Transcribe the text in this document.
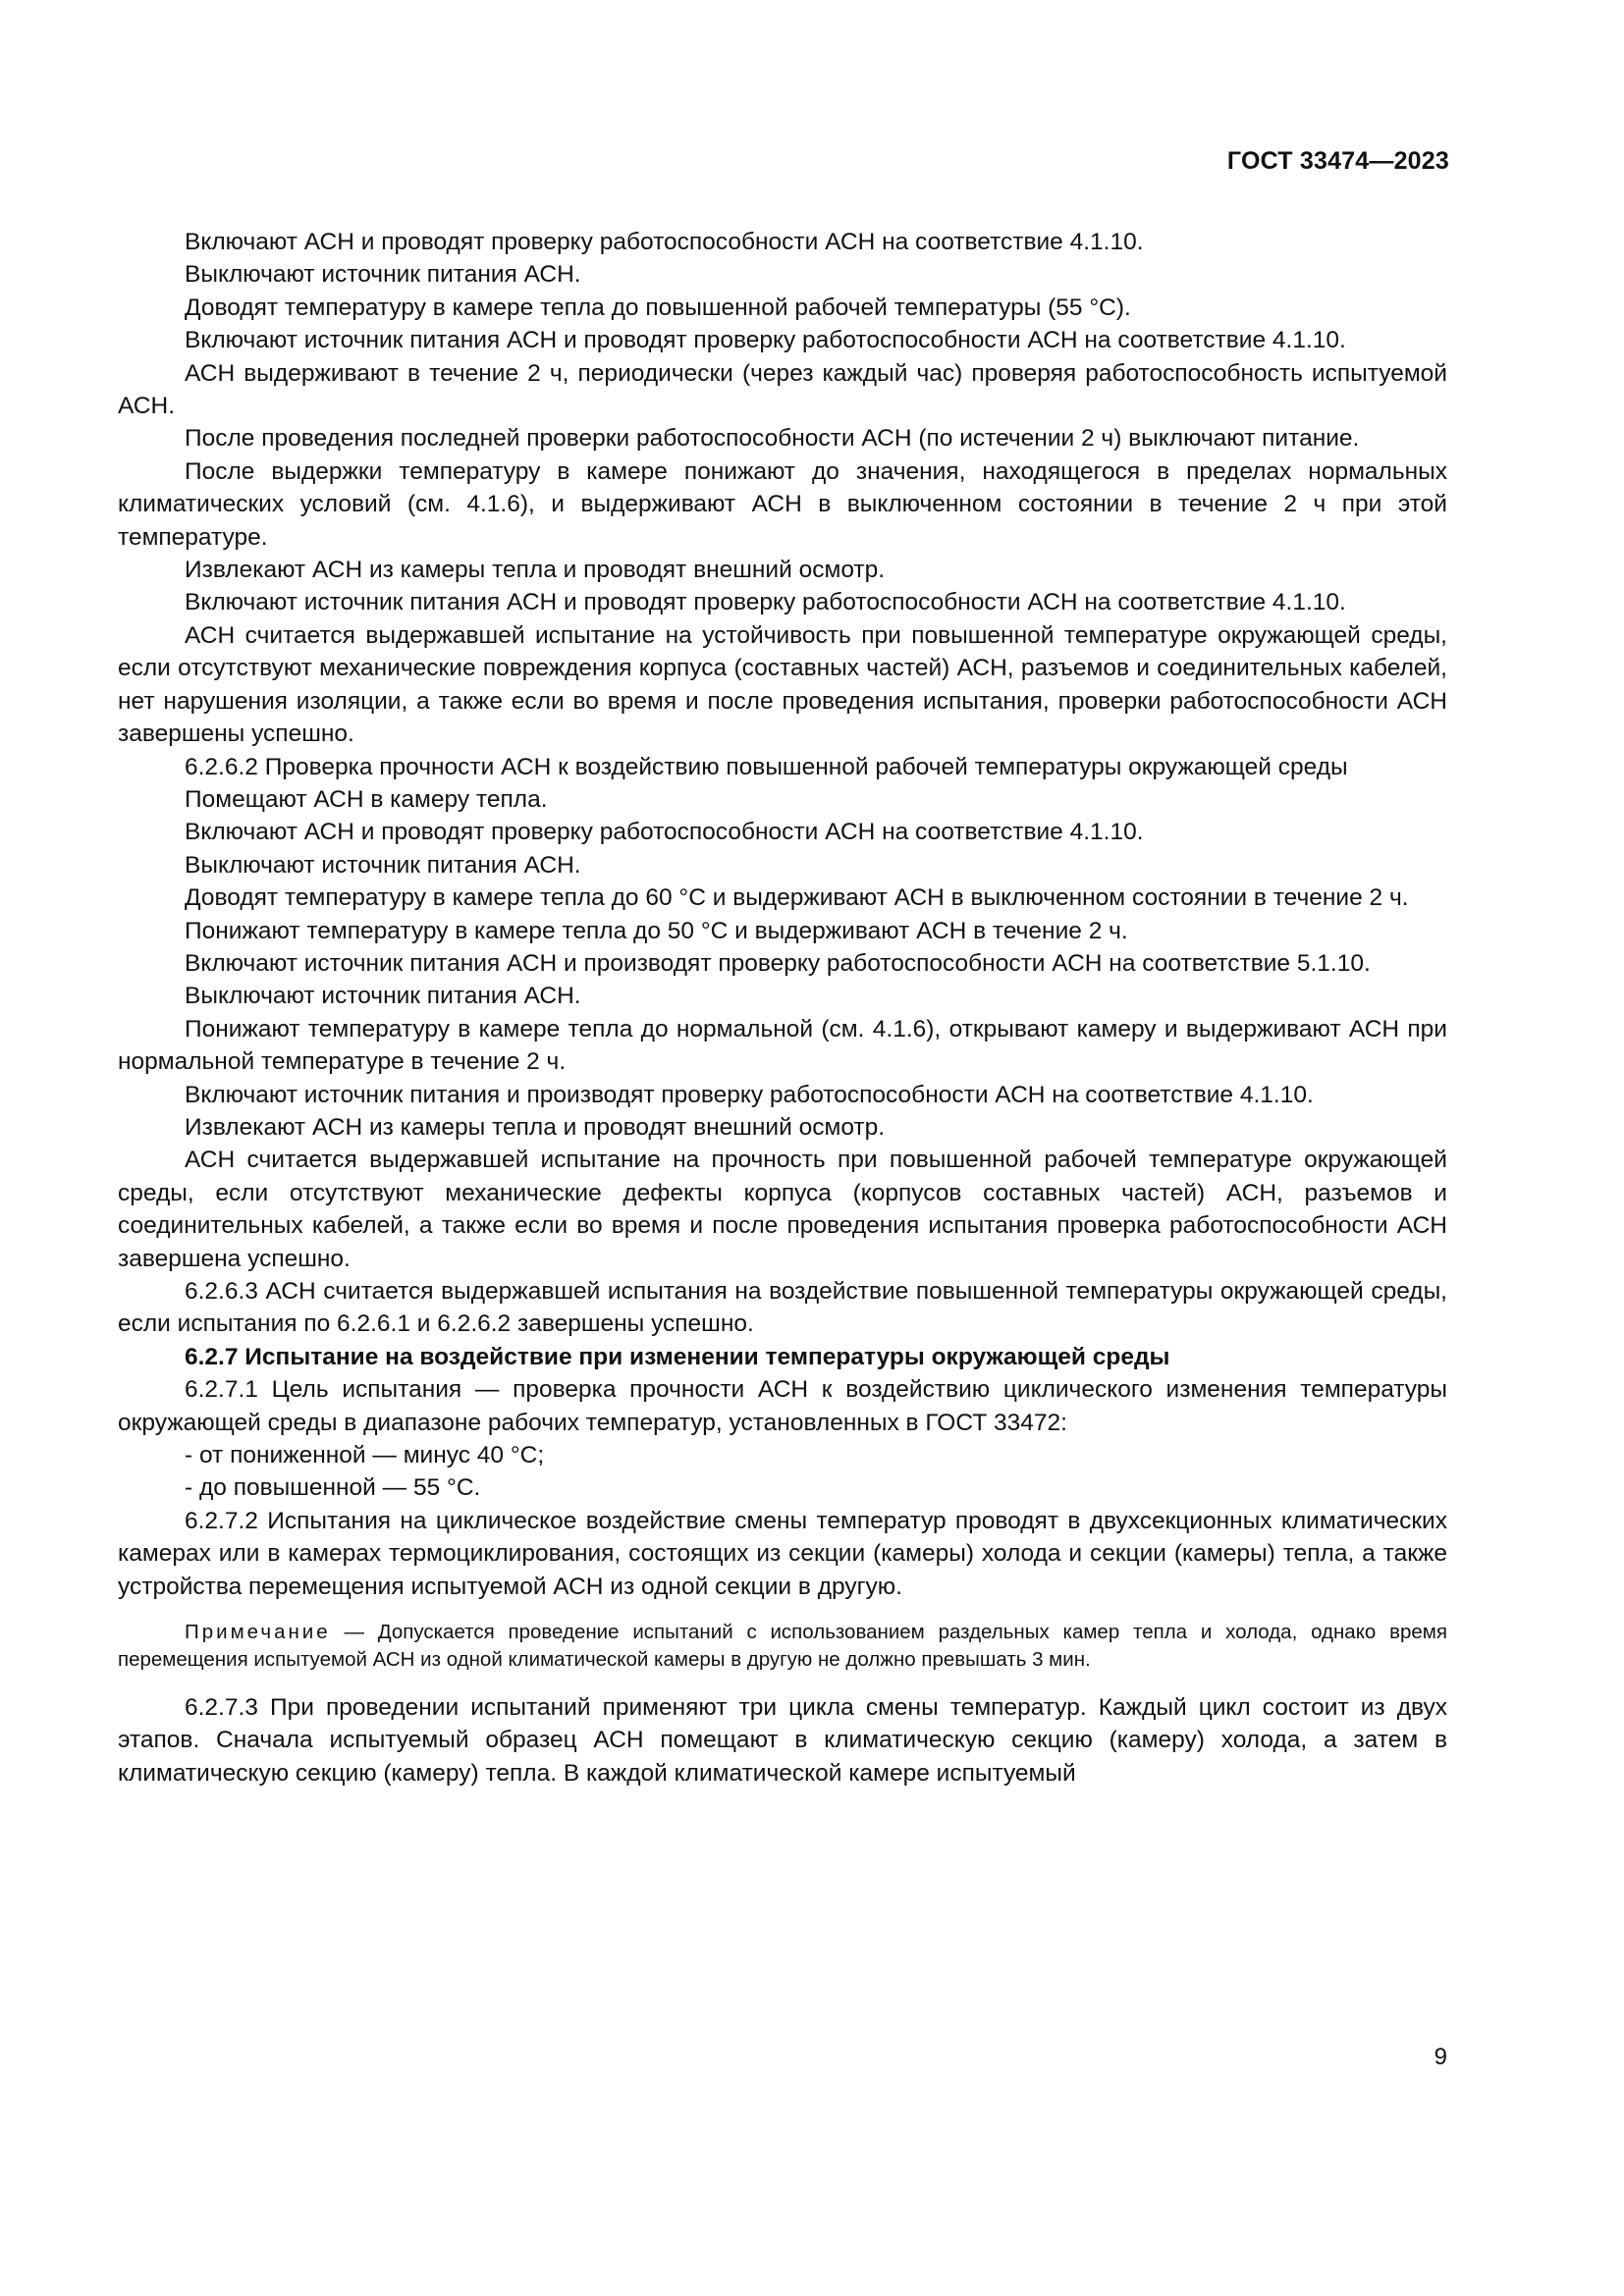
ГОСТ 33474—2023

Включают АСН и проводят проверку работоспособности АСН на соответствие 4.1.10.

Выключают источник питания АСН.

Доводят температуру в камере тепла до повышенной рабочей температуры (55 °С).

Включают источник питания АСН и проводят проверку работоспособности АСН на соответствие 4.1.10.

АСН выдерживают в течение 2 ч, периодически (через каждый час) проверяя работоспособность испытуемой АСН.

После проведения последней проверки работоспособности АСН (по истечении 2 ч) выключают питание.

После выдержки температуру в камере понижают до значения, находящегося в пределах нормальных климатических условий (см. 4.1.6), и выдерживают АСН в выключенном состоянии в течение 2 ч при этой температуре.

Извлекают АСН из камеры тепла и проводят внешний осмотр.

Включают источник питания АСН и проводят проверку работоспособности АСН на соответствие 4.1.10.

АСН считается выдержавшей испытание на устойчивость при повышенной температуре окружающей среды, если отсутствуют механические повреждения корпуса (составных частей) АСН, разъемов и соединительных кабелей, нет нарушения изоляции, а также если во время и после проведения испытания, проверки работоспособности АСН завершены успешно.

6.2.6.2 Проверка прочности АСН к воздействию повышенной рабочей температуры окружающей среды

Помещают АСН в камеру тепла.

Включают АСН и проводят проверку работоспособности АСН на соответствие 4.1.10.

Выключают источник питания АСН.

Доводят температуру в камере тепла до 60 °С и выдерживают АСН в выключенном состоянии в течение 2 ч.

Понижают температуру в камере тепла до 50 °С и выдерживают АСН в течение 2 ч.

Включают источник питания АСН и производят проверку работоспособности АСН на соответствие 5.1.10.

Выключают источник питания АСН.

Понижают температуру в камере тепла до нормальной (см. 4.1.6), открывают камеру и выдерживают АСН при нормальной температуре в течение 2 ч.

Включают источник питания и производят проверку работоспособности АСН на соответствие 4.1.10.

Извлекают АСН из камеры тепла и проводят внешний осмотр.

АСН считается выдержавшей испытание на прочность при повышенной рабочей температуре окружающей среды, если отсутствуют механические дефекты корпуса (корпусов составных частей) АСН, разъемов и соединительных кабелей, а также если во время и после проведения испытания проверка работоспособности АСН завершена успешно.

6.2.6.3 АСН считается выдержавшей испытания на воздействие повышенной температуры окружающей среды, если испытания по 6.2.6.1 и 6.2.6.2 завершены успешно.

6.2.7 Испытание на воздействие при изменении температуры окружающей среды

6.2.7.1 Цель испытания — проверка прочности АСН к воздействию циклического изменения температуры окружающей среды в диапазоне рабочих температур, установленных в ГОСТ 33472:

- от пониженной — минус 40 °С;

- до повышенной — 55 °С.

6.2.7.2 Испытания на циклическое воздействие смены температур проводят в двухсекционных климатических камерах или в камерах термоциклирования, состоящих из секции (камеры) холода и секции (камеры) тепла, а также устройства перемещения испытуемой АСН из одной секции в другую.

Примечание — Допускается проведение испытаний с использованием раздельных камер тепла и холода, однако время перемещения испытуемой АСН из одной климатической камеры в другую не должно превышать 3 мин.

6.2.7.3 При проведении испытаний применяют три цикла смены температур. Каждый цикл состоит из двух этапов. Сначала испытуемый образец АСН помещают в климатическую секцию (камеру) холода, а затем в климатическую секцию (камеру) тепла. В каждой климатической камере испытуемый

9
